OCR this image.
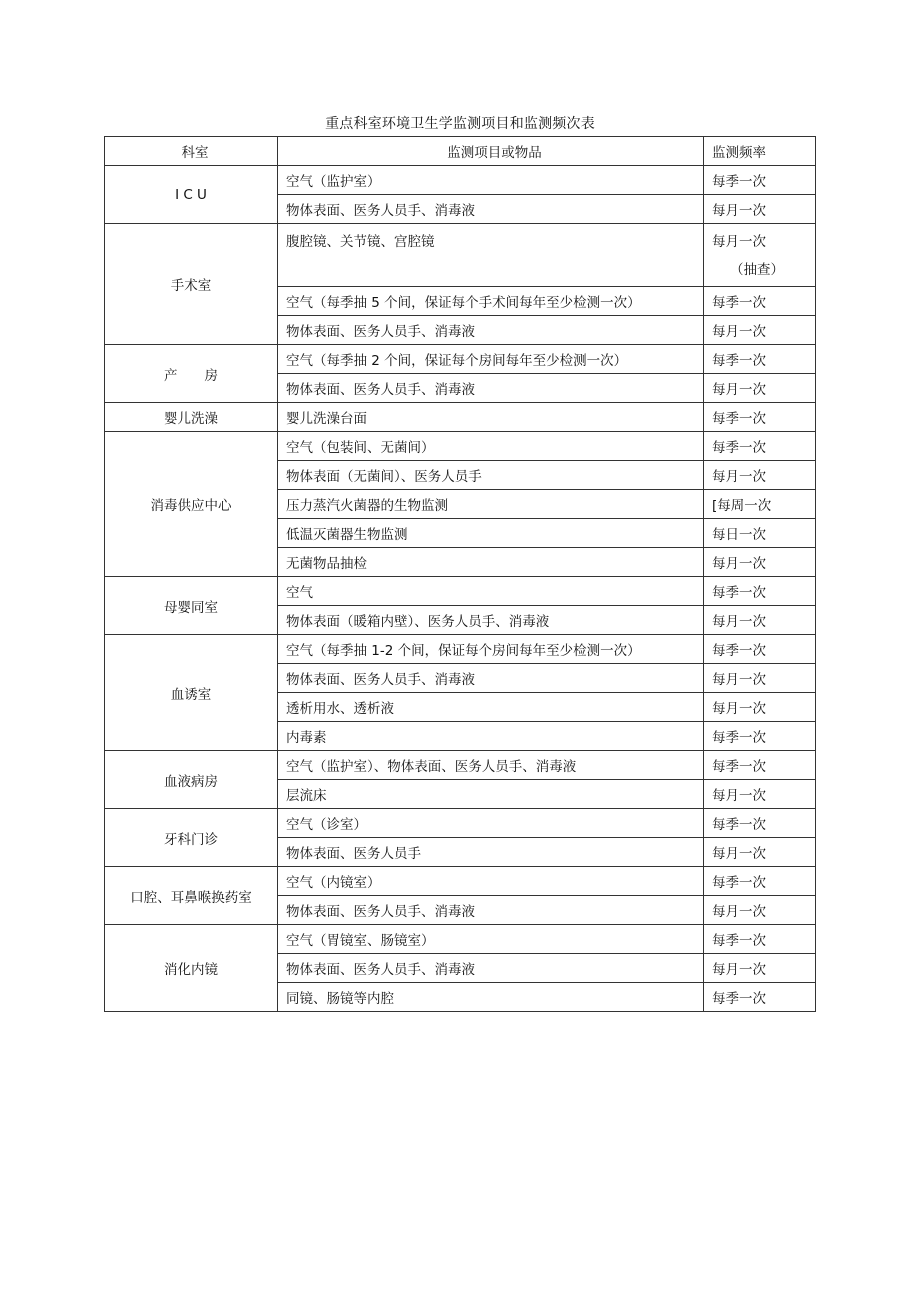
重点科室环境卫生学监测项目和监测频次表
科室	监测项目或物品	监测频率
I C U	空气（监护室）	每季一次
	物体表面、医务人员手、消毒液	每月一次
手术室	腹腔镜、关节镜、宫腔镜	每月一次
（抽查）

	空气（每季抽 5 个间，保证每个手术间每年至少检测一次）	每季一次
	物体表面、医务人员手、消毒液	每月一次
产　　房	空气（每季抽 2 个间，保证每个房间每年至少检测一次）	每季一次
	物体表面、医务人员手、消毒液	每月一次
婴儿洗澡	婴儿洗澡台面	每季一次
消毒供应中心	空气（包装间、无菌间）	每季一次
	物体表面（无菌间）、医务人员手	每月一次
	压力蒸汽火菌器的生物监测	[每周一次
	低温灭菌器生物监测	每日一次
	无菌物品抽检	每月一次
母婴同室	空气	每季一次
	物体表面（暖箱内壁）、医务人员手、消毒液	每月一次
血诱室	空气（每季抽 1-2 个间，保证每个房间每年至少检测一次）	每季一次
	物体表面、医务人员手、消毒液	每月一次
	透析用水、透析液	每月一次
	内毒素	每季一次
血液病房	空气（监护室）、物体表面、医务人员手、消毒液	每季一次
	层流床	每月一次
牙科门诊	空气（诊室）	每季一次
	物体表面、医务人员手	每月一次
口腔、耳鼻喉换药室	空气（内镜室）	每季一次
	物体表面、医务人员手、消毒液	每月一次
消化内镜	空气（胃镜室、肠镜室）	每季一次
	物体表面、医务人员手、消毒液	每月一次
	同镜、肠镜等内腔	每季一次
